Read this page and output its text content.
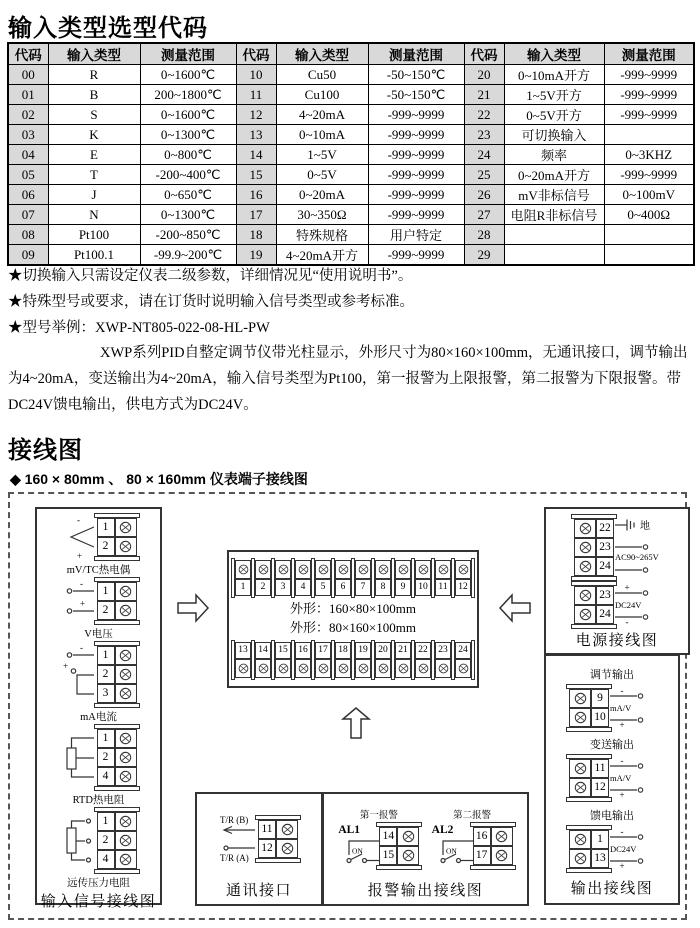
输入类型选型代码
代码	输入类型	测量范围	代码	输入类型	测量范围	代码	输入类型	测量范围
00	R	0~1600℃	10	Cu50	-50~150℃	20	0~10mA开方	-999~9999
01	B	200~1800℃	11	Cu100	-50~150℃	21	1~5V开方	-999~9999
02	S	0~1600℃	12	4~20mA	-999~9999	22	0~5V开方	-999~9999
03	K	0~1300℃	13	0~10mA	-999~9999	23	可切换输入	
04	E	0~800℃	14	1~5V	-999~9999	24	频率	0~3KHZ
05	T	-200~400℃	15	0~5V	-999~9999	25	0~20mA开方	-999~9999
06	J	0~650℃	16	0~20mA	-999~9999	26	mV非标信号	0~100mV
07	N	0~1300℃	17	30~350Ω	-999~9999	27	电阻R非标信号	0~400Ω
08	Pt100	-200~850℃	18	特殊规格	用户特定	28		
09	Pt100.1	-99.9~200℃	19	4~20mA开方	-999~9999	29		

★切换输入只需设定仪表二级参数，详细情况见“使用说明书”。

★特殊型号或要求，请在订货时说明输入信号类型或参考标准。

★型号举例：XWP-NT805-022-08-HL-PW

XWP系列PID自整定调节仪带光柱显示，外形尺寸为80×160×100mm，无通讯接口，调节输出为4~20mA，变送输出为4~20mA，输入信号类型为Pt100，第一报警为上限报警，第二报警为下限报警。带DC24V馈电输出，供电方式为DC24V。

接线图
◆ 160 × 80mm 、 80 × 160mm 仪表端子接线图
-
+
1
2
mV/TC热电偶
-
+
1
2
V电压
-
+
1
2
3
mA电流
1
2
4
RTD热电阻
1
2
4
远传压力电阻
输入信号接线图
1	2	3	4	5	6	7	8	9	10	11	12
外形：160×80×100mm
外形：80×160×100mm
13	14	15	16	17	18	19	20	21	22	23	24
22
23
24
地
AC90~265V
23
24
+
-
DC24V
电源接线图
调节输出
9
10
-
+
mA/V
变送输出
11
12
-
+
mA/V
馈电输出
1
13
-
+
DC24V
输出接线图
T/R (B)
T/R (A)
11
12
通讯接口
第一报警
AL1
ON
14
15
第二报警
AL2
ON
16
17
报警输出接线图
